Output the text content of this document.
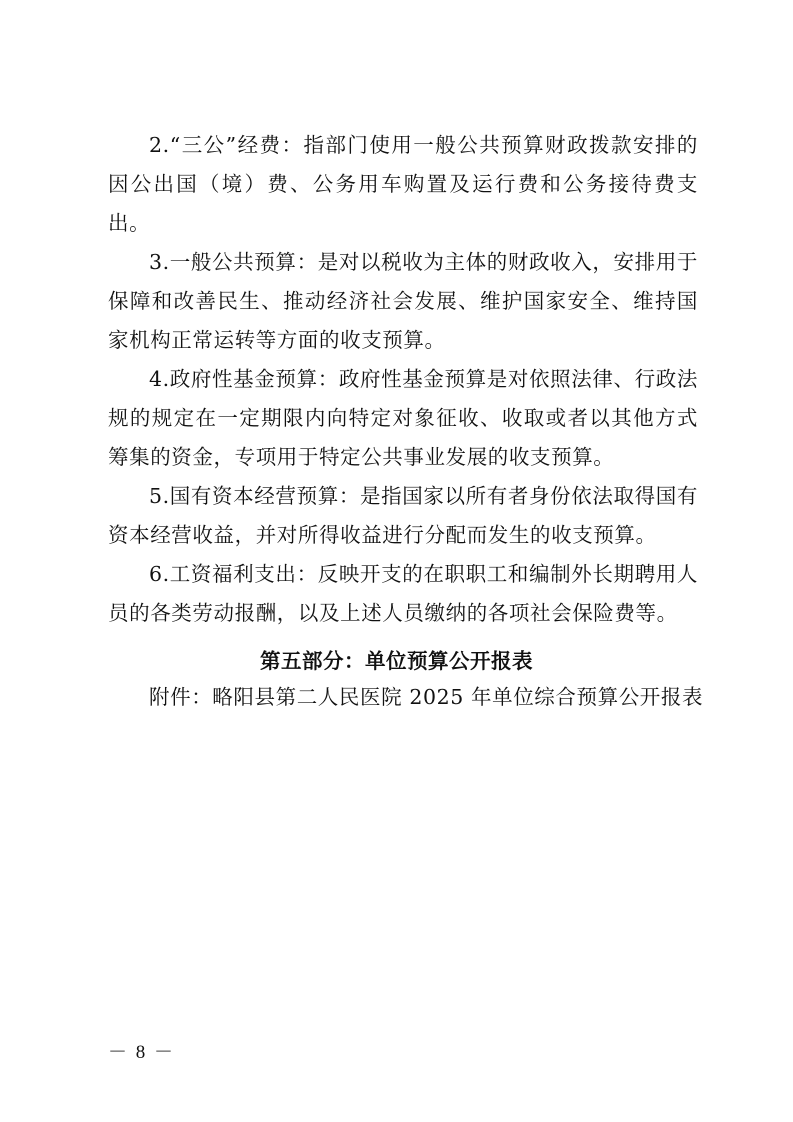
2.“三公”经费：指部门使用一般公共预算财政拨款安排的因公出国（境）费、公务用车购置及运行费和公务接待费支出。

3.一般公共预算：是对以税收为主体的财政收入，安排用于保障和改善民生、推动经济社会发展、维护国家安全、维持国家机构正常运转等方面的收支预算。

4.政府性基金预算：政府性基金预算是对依照法律、行政法规的规定在一定期限内向特定对象征收、收取或者以其他方式筹集的资金，专项用于特定公共事业发展的收支预算。

5.国有资本经营预算：是指国家以所有者身份依法取得国有资本经营收益，并对所得收益进行分配而发生的收支预算。

6.工资福利支出：反映开支的在职职工和编制外长期聘用人员的各类劳动报酬，以及上述人员缴纳的各项社会保险费等。

第五部分：单位预算公开报表
附件：略阳县第二人民医院 2025 年单位综合预算公开报表
－ 8 －
